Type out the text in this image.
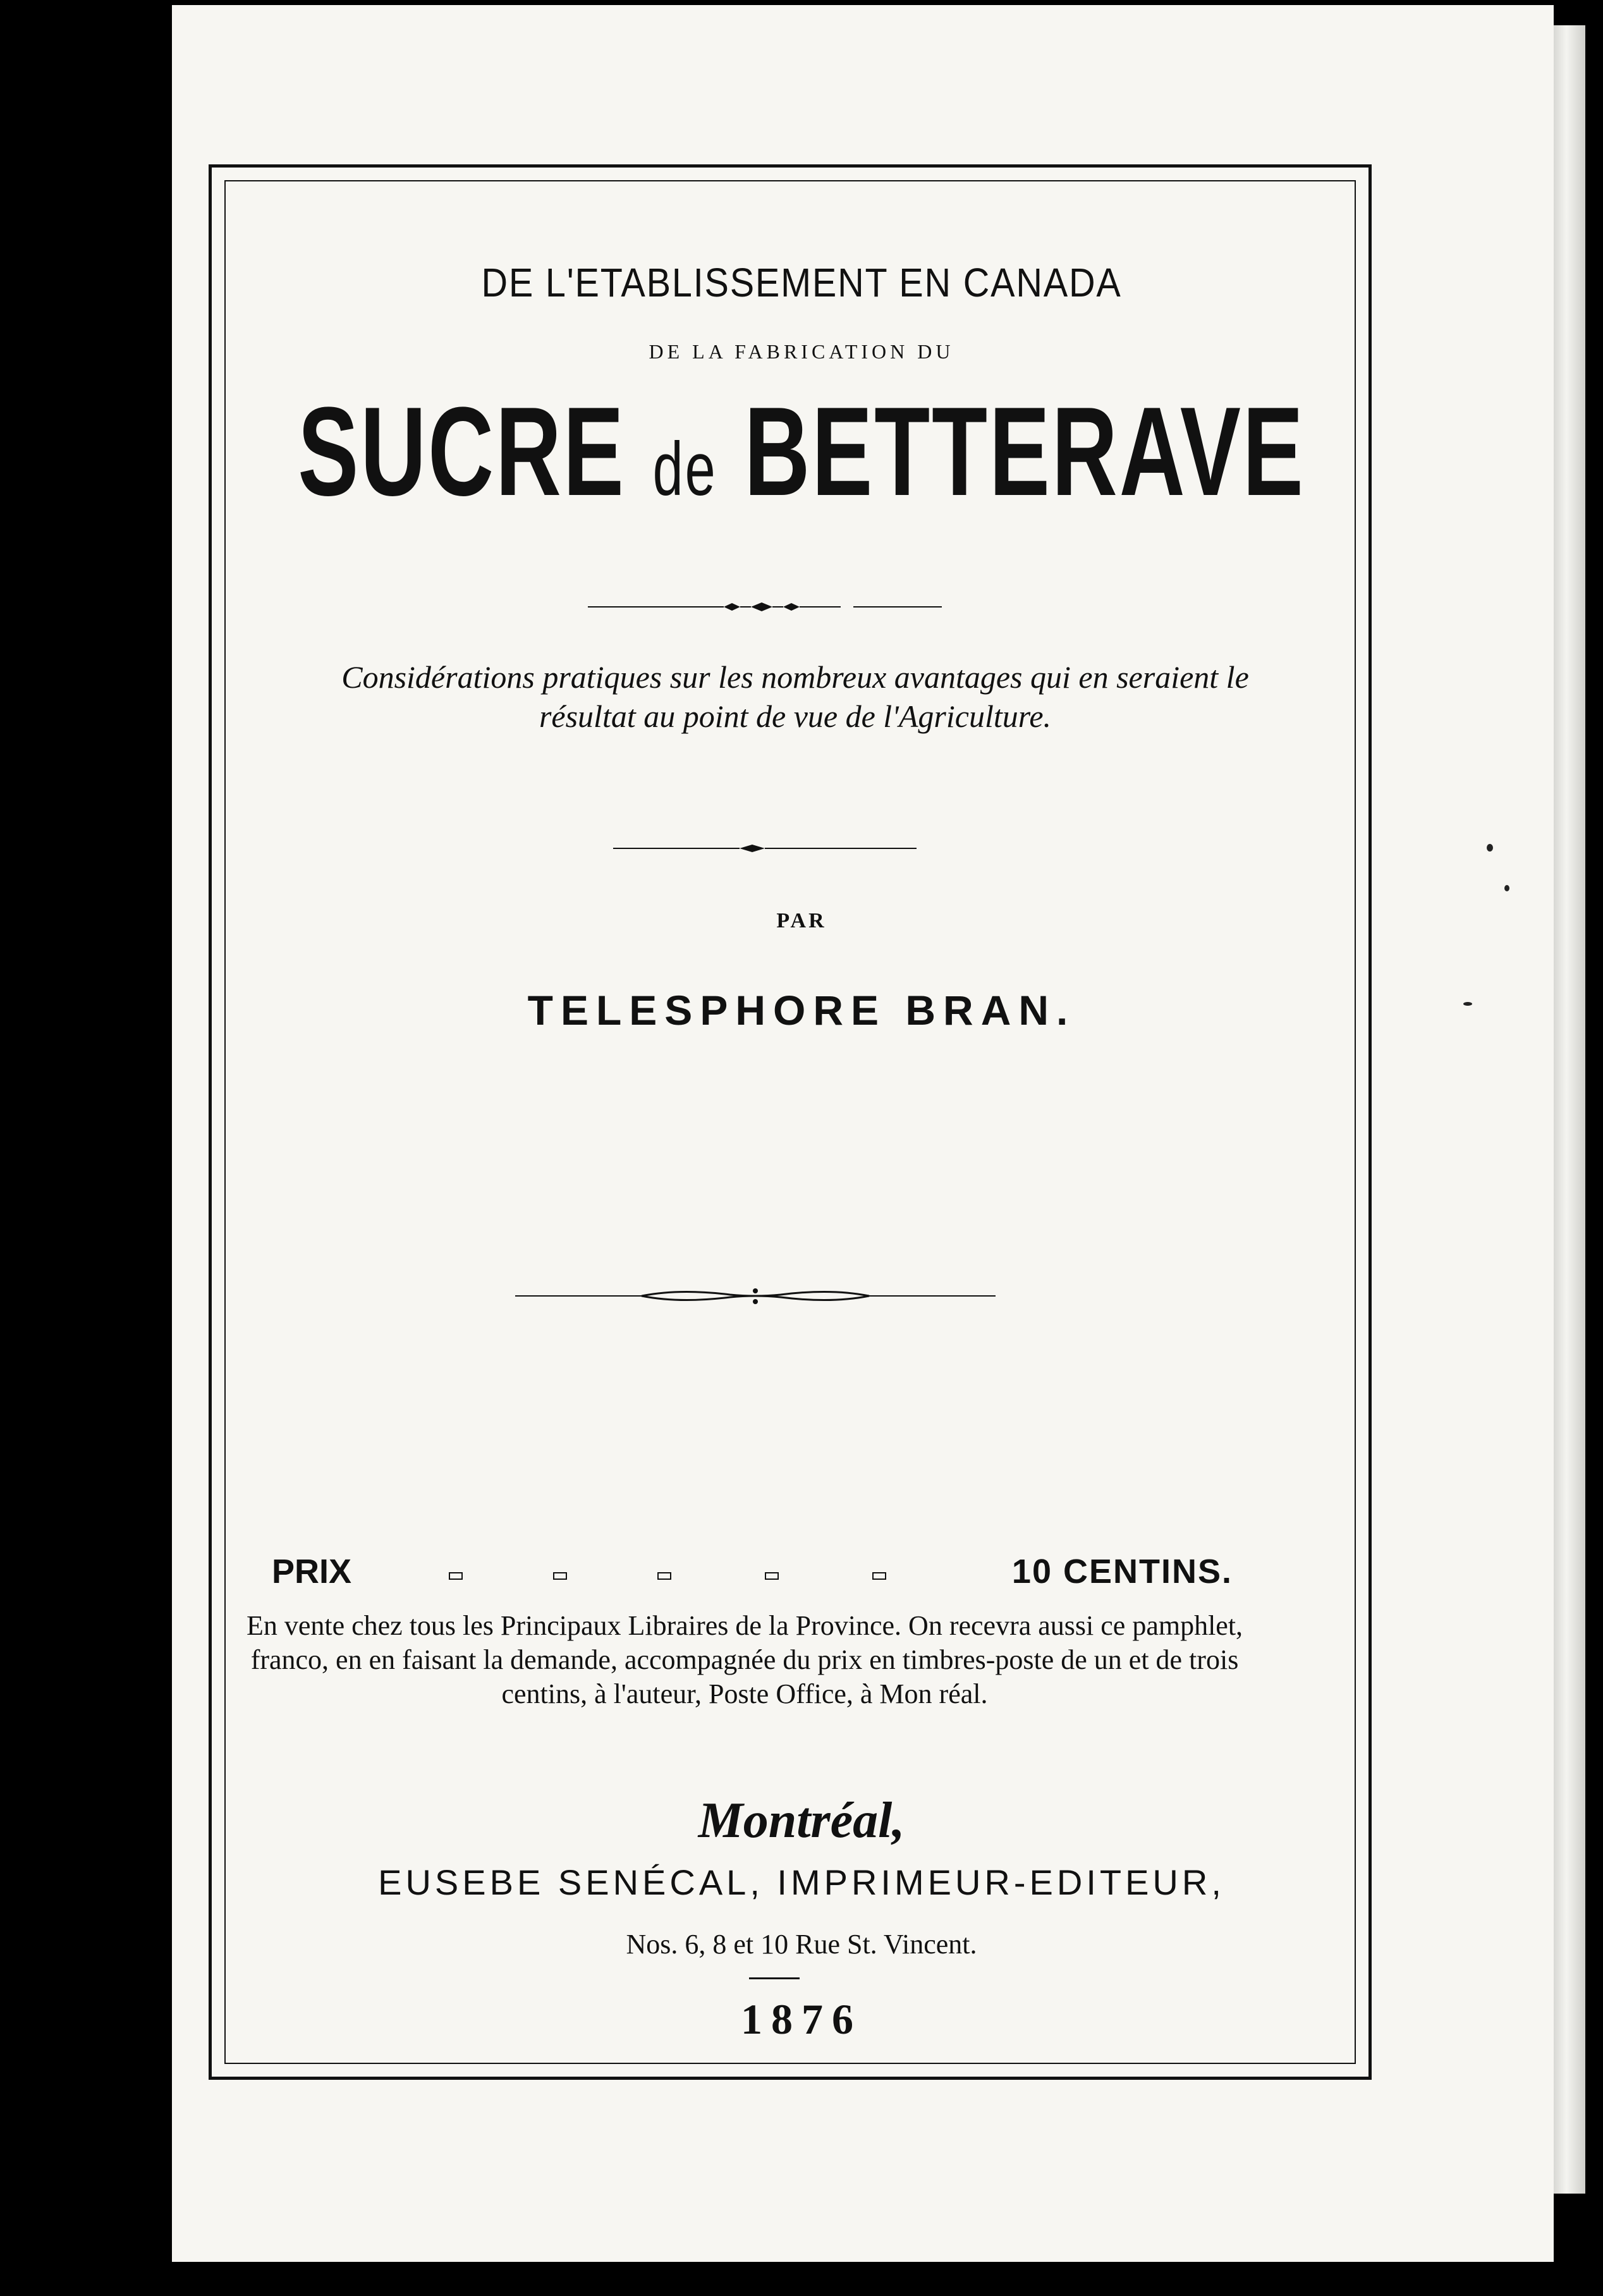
DE L'ETABLISSEMENT EN CANADA
DE LA FABRICATION DU
SUCRE de BETTERAVE
Considérations pratiques sur les nombreux avantages qui en seraient le résultat au point de vue de l'Agriculture.
PAR
TELESPHORE BRAN.
PRIX	10 CENTINS.
En vente chez tous les Principaux Libraires de la Province. On recevra aussi ce pamphlet, franco, en en faisant la demande, accompagnée du prix en timbres-poste de un et de trois centins, à l'auteur, Poste Office, à Mon réal.
Montréal,
EUSEBE SENÉCAL, IMPRIMEUR-EDITEUR,
Nos. 6, 8 et 10 Rue St. Vincent.
1876
